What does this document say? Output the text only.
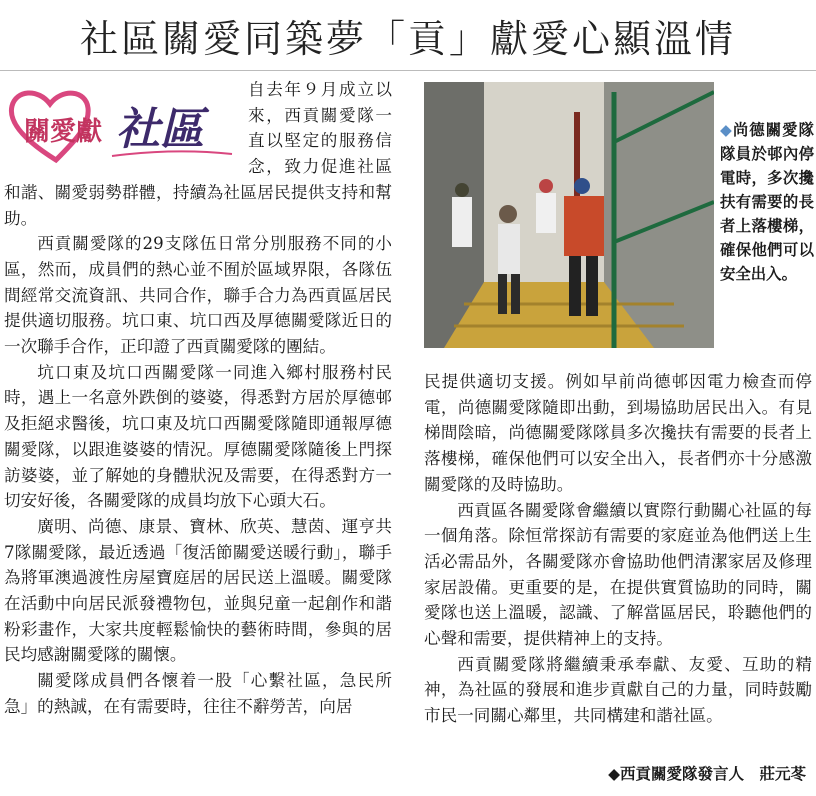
社區關愛同築夢「貢」獻愛心顯溫情
關愛獻 社區

自去年９月成立以來，西貢關愛隊一直以堅定的服務信念，致力促進社區和諧、關愛弱勢群體，持續為社區居民提供支持和幫助。

西貢關愛隊的29支隊伍日常分別服務不同的小區，然而，成員們的熱心並不囿於區域界限，各隊伍間經常交流資訊、共同合作，聯手合力為西貢區居民提供適切服務。坑口東、坑口西及厚德關愛隊近日的一次聯手合作，正印證了西貢關愛隊的團結。

坑口東及坑口西關愛隊一同進入鄉村服務村民時，遇上一名意外跌倒的婆婆，得悉對方居於厚德邨及拒絕求醫後，坑口東及坑口西關愛隊隨即通報厚德關愛隊，以跟進婆婆的情況。厚德關愛隊隨後上門探訪婆婆，並了解她的身體狀況及需要，在得悉對方一切安好後，各關愛隊的成員均放下心頭大石。

廣明、尚德、康景、寶林、欣英、慧茵、運亨共7隊關愛隊，最近透過「復活節關愛送暖行動」，聯手為將軍澳過渡性房屋寶庭居的居民送上溫暖。關愛隊在活動中向居民派發禮物包，並與兒童一起創作和諧粉彩畫作，大家共度輕鬆愉快的藝術時間，參與的居民均感謝關愛隊的關懷。

關愛隊成員們各懷着一股「心繫社區，急民所急」的熱誠，在有需要時，往往不辭勞苦，向居

◆尚德關愛隊隊員於邨內停電時，多次攙扶有需要的長者上落樓梯，確保他們可以安全出入。

民提供適切支援。例如早前尚德邨因電力檢查而停電，尚德關愛隊隨即出動，到場協助居民出入。有見梯間陰暗，尚德關愛隊隊員多次攙扶有需要的長者上落樓梯，確保他們可以安全出入，長者們亦十分感激關愛隊的及時協助。

西貢區各關愛隊會繼續以實際行動關心社區的每一個角落。除恒常探訪有需要的家庭並為他們送上生活必需品外，各關愛隊亦會協助他們清潔家居及修理家居設備。更重要的是，在提供實質協助的同時，關愛隊也送上溫暖，認識、了解當區居民，聆聽他們的心聲和需要，提供精神上的支持。

西貢關愛隊將繼續秉承奉獻、友愛、互助的精神，為社區的發展和進步貢獻自己的力量，同時鼓勵市民一同關心鄰里，共同構建和諧社區。

◆西貢關愛隊發言人　莊元苳
